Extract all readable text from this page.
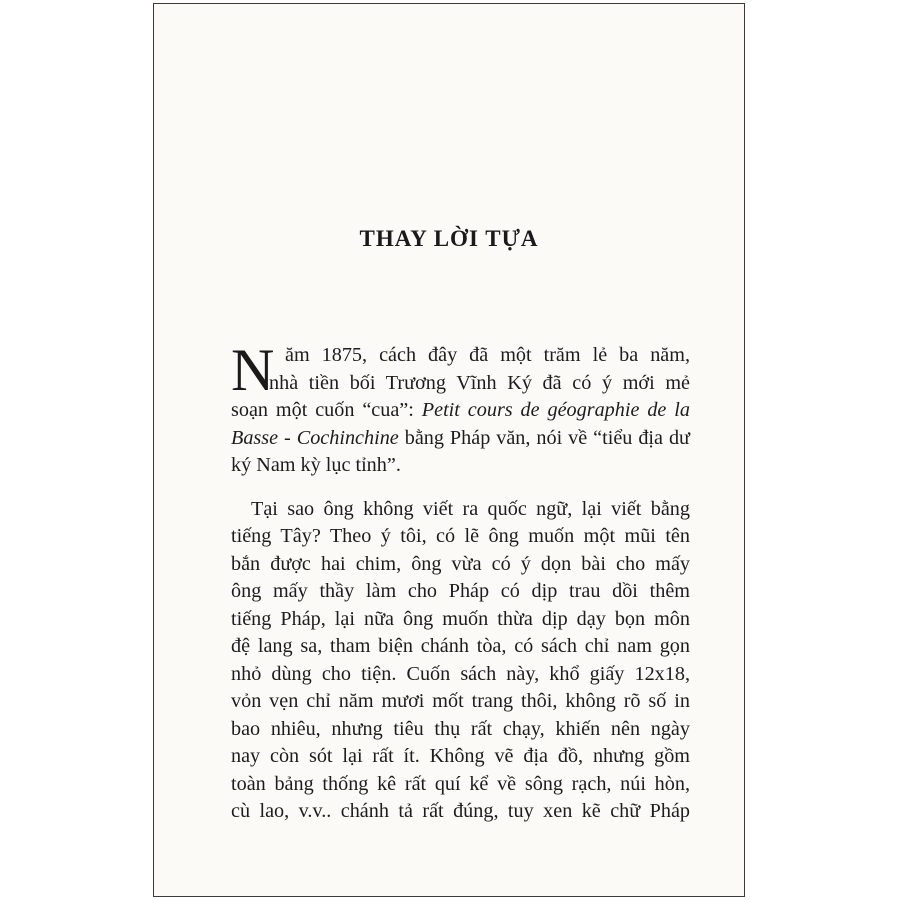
THAY LỜI TỰA

N ăm 1875, cách đây đã một trăm lẻ ba năm,
nhà tiền bối Trương Vĩnh Ký đã có ý mới mẻ
soạn một cuốn “cua”: Petit cours de géographie de la
Basse - Cochinchine bằng Pháp văn, nói về “tiểu địa dư
ký Nam kỳ lục tỉnh”.

Tại sao ông không viết ra quốc ngữ, lại viết bằng
tiếng Tây? Theo ý tôi, có lẽ ông muốn một mũi tên
bắn được hai chim, ông vừa có ý dọn bài cho mấy
ông mấy thầy làm cho Pháp có dịp trau dồi thêm
tiếng Pháp, lại nữa ông muốn thừa dịp dạy bọn môn
đệ lang sa, tham biện chánh tòa, có sách chỉ nam gọn
nhỏ dùng cho tiện. Cuốn sách này, khổ giấy 12x18,
vỏn vẹn chỉ năm mươi mốt trang thôi, không rõ số in
bao nhiêu, nhưng tiêu thụ rất chạy, khiến nên ngày
nay còn sót lại rất ít. Không vẽ địa đồ, nhưng gồm
toàn bảng thống kê rất quí kể về sông rạch, núi hòn,
cù lao, v.v.. chánh tả rất đúng, tuy xen kẽ chữ Pháp
